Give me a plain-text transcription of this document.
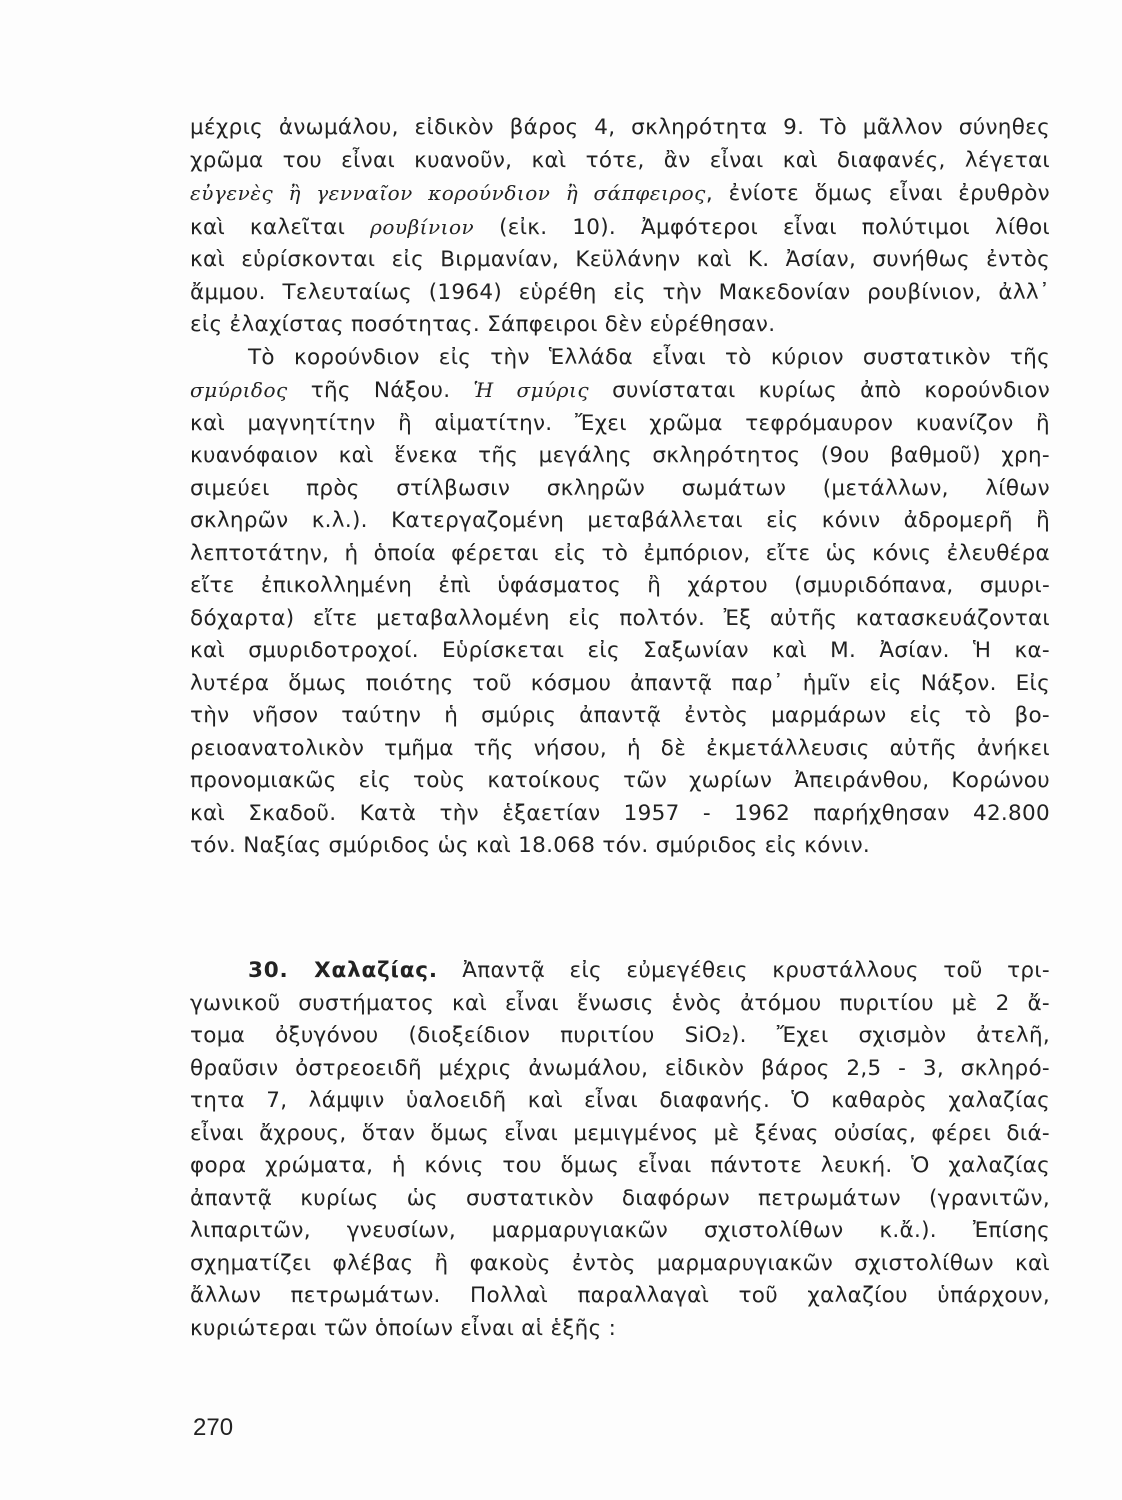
μέχρις ἀνωμάλου, εἰδικὸν βάρος 4, σκληρότητα 9. Τὸ μᾶλλον σύνηθες
χρῶμα του εἶναι κυανοῦν, καὶ τότε, ἂν εἶναι καὶ διαφανές, λέγεται
εὐγενὲς ἢ γενναῖον κορούνδιον ἢ σάπφειρος, ἐνίοτε ὅμως εἶναι ἐρυθρὸν
καὶ καλεῖται ρουβίνιον (εἰκ. 10). Ἀμφότεροι εἶναι πολύτιμοι λίθοι
καὶ εὑρίσκονται εἰς Βιρμανίαν, Κεϋλάνην καὶ Κ. Ἀσίαν, συνήθως ἐντὸς
ἄμμου. Τελευταίως (1964) εὑρέθη εἰς τὴν Μακεδονίαν ρουβίνιον, ἀλλ᾽
εἰς ἐλαχίστας ποσότητας. Σάπφειροι δὲν εὑρέθησαν.
Τὸ κορούνδιον εἰς τὴν Ἑλλάδα εἶναι τὸ κύριον συστατικὸν τῆς
σμύριδος τῆς Νάξου. Ἡ σμύρις συνίσταται κυρίως ἀπὸ κορούνδιον
καὶ μαγνητίτην ἢ αἱματίτην. Ἔχει χρῶμα τεφρόμαυρον κυανίζον ἢ
κυανόφαιον καὶ ἕνεκα τῆς μεγάλης σκληρότητος (9ου βαθμοῦ) χρη-
σιμεύει πρὸς στίλβωσιν σκληρῶν σωμάτων (μετάλλων, λίθων
σκληρῶν κ.λ.). Κατεργαζομένη μεταβάλλεται εἰς κόνιν ἀδρομερῆ ἢ
λεπτοτάτην, ἡ ὁποία φέρεται εἰς τὸ ἐμπόριον, εἴτε ὡς κόνις ἐλευθέρα
εἴτε ἐπικολλημένη ἐπὶ ὑφάσματος ἢ χάρτου (σμυριδόπανα, σμυρι-
δόχαρτα) εἴτε μεταβαλλομένη εἰς πολτόν. Ἐξ αὐτῆς κατασκευάζονται
καὶ σμυριδοτροχοί. Εὑρίσκεται εἰς Σαξωνίαν καὶ Μ. Ἀσίαν. Ἡ κα-
λυτέρα ὅμως ποιότης τοῦ κόσμου ἀπαντᾷ παρ᾽ ἡμῖν εἰς Νάξον. Εἰς
τὴν νῆσον ταύτην ἡ σμύρις ἀπαντᾷ ἐντὸς μαρμάρων εἰς τὸ βο-
ρειοανατολικὸν τμῆμα τῆς νήσου, ἡ δὲ ἐκμετάλλευσις αὐτῆς ἀνήκει
προνομιακῶς εἰς τοὺς κατοίκους τῶν χωρίων Ἀπειράνθου, Κορώνου
καὶ Σκαδοῦ. Κατὰ τὴν ἑξαετίαν 1957 - 1962 παρήχθησαν 42.800
τόν. Ναξίας σμύριδος ὡς καὶ 18.068 τόν. σμύριδος εἰς κόνιν.
30. Χαλαζίας. Ἀπαντᾷ εἰς εὐμεγέθεις κρυστάλλους τοῦ τρι-
γωνικοῦ συστήματος καὶ εἶναι ἕνωσις ἑνὸς ἀτόμου πυριτίου μὲ 2 ἄ-
τομα ὀξυγόνου (διοξείδιον πυριτίου SiO₂). Ἔχει σχισμὸν ἀτελῆ,
θραῦσιν ὀστρεοειδῆ μέχρις ἀνωμάλου, εἰδικὸν βάρος 2,5 - 3, σκληρό-
τητα 7, λάμψιν ὑαλοειδῆ καὶ εἶναι διαφανής. Ὁ καθαρὸς χαλαζίας
εἶναι ἄχρους, ὅταν ὅμως εἶναι μεμιγμένος μὲ ξένας οὐσίας, φέρει διά-
φορα χρώματα, ἡ κόνις του ὅμως εἶναι πάντοτε λευκή. Ὁ χαλαζίας
ἀπαντᾷ κυρίως ὡς συστατικὸν διαφόρων πετρωμάτων (γρανιτῶν,
λιπαριτῶν, γνευσίων, μαρμαρυγιακῶν σχιστολίθων κ.ἄ.). Ἐπίσης
σχηματίζει φλέβας ἢ φακοὺς ἐντὸς μαρμαρυγιακῶν σχιστολίθων καὶ
ἄλλων πετρωμάτων. Πολλαὶ παραλλαγαὶ τοῦ χαλαζίου ὑπάρχουν,
κυριώτεραι τῶν ὁποίων εἶναι αἱ ἑξῆς :
270
